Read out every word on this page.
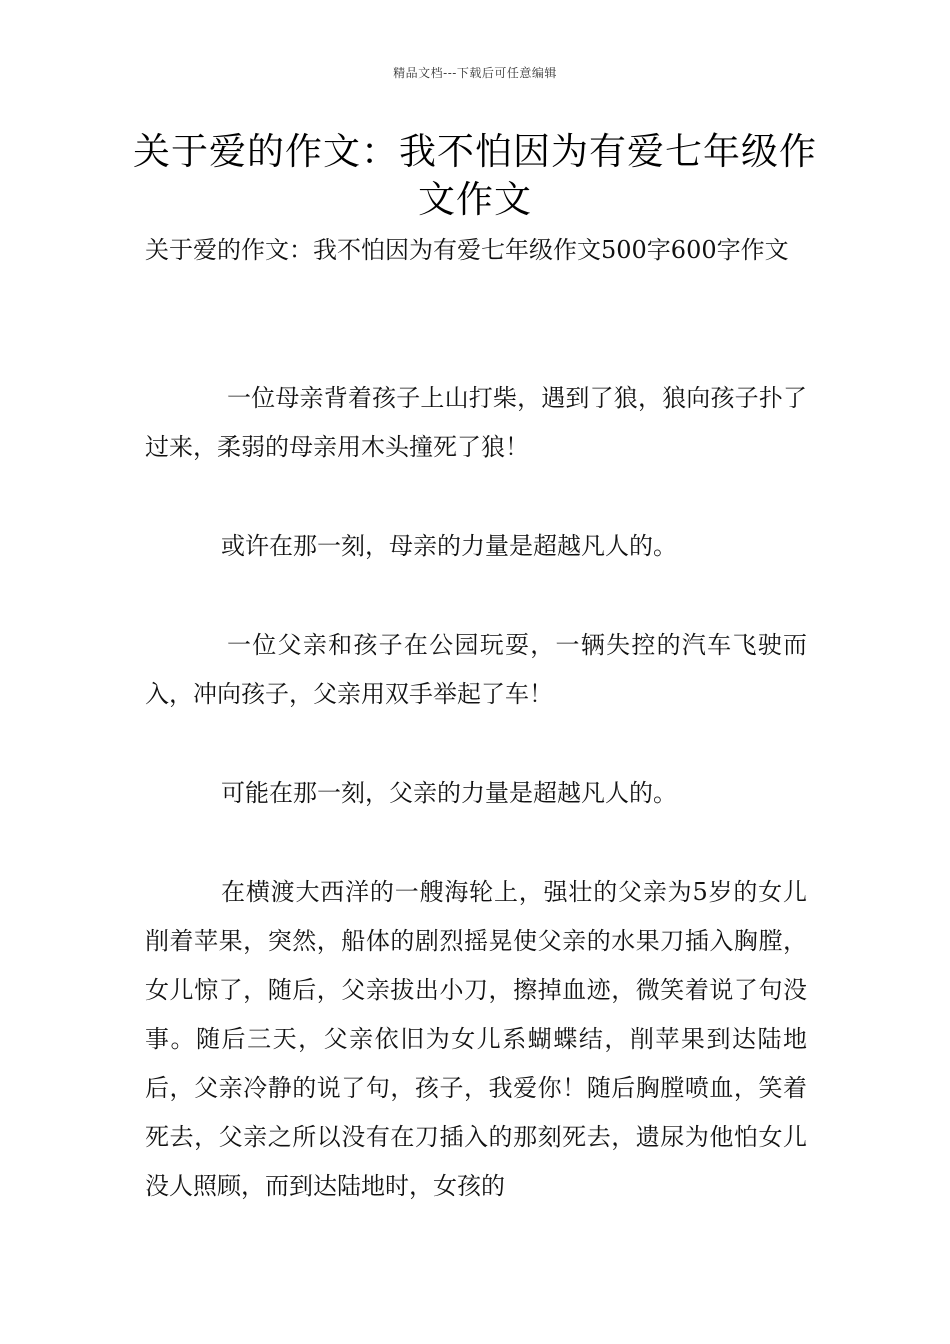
精品文档---下载后可任意编辑
关于爱的作文：我不怕因为有爱七年级作文作文

关于爱的作文：我不怕因为有爱七年级作文500字600字作文

一位母亲背着孩子上山打柴，遇到了狼，狼向孩子扑了过来，柔弱的母亲用木头撞死了狼！

或许在那一刻，母亲的力量是超越凡人的。

一位父亲和孩子在公园玩耍，一辆失控的汽车飞驶而入，冲向孩子，父亲用双手举起了车！

可能在那一刻，父亲的力量是超越凡人的。

在横渡大西洋的一艘海轮上，强壮的父亲为5岁的女儿削着苹果，突然，船体的剧烈摇晃使父亲的水果刀插入胸膛，女儿惊了，随后，父亲拔出小刀，擦掉血迹，微笑着说了句没事。随后三天，父亲依旧为女儿系蝴蝶结，削苹果到达陆地后，父亲冷静的说了句，孩子，我爱你！随后胸膛喷血，笑着死去，父亲之所以没有在刀插入的那刻死去，遗尿为他怕女儿没人照顾，而到达陆地时，女孩的
